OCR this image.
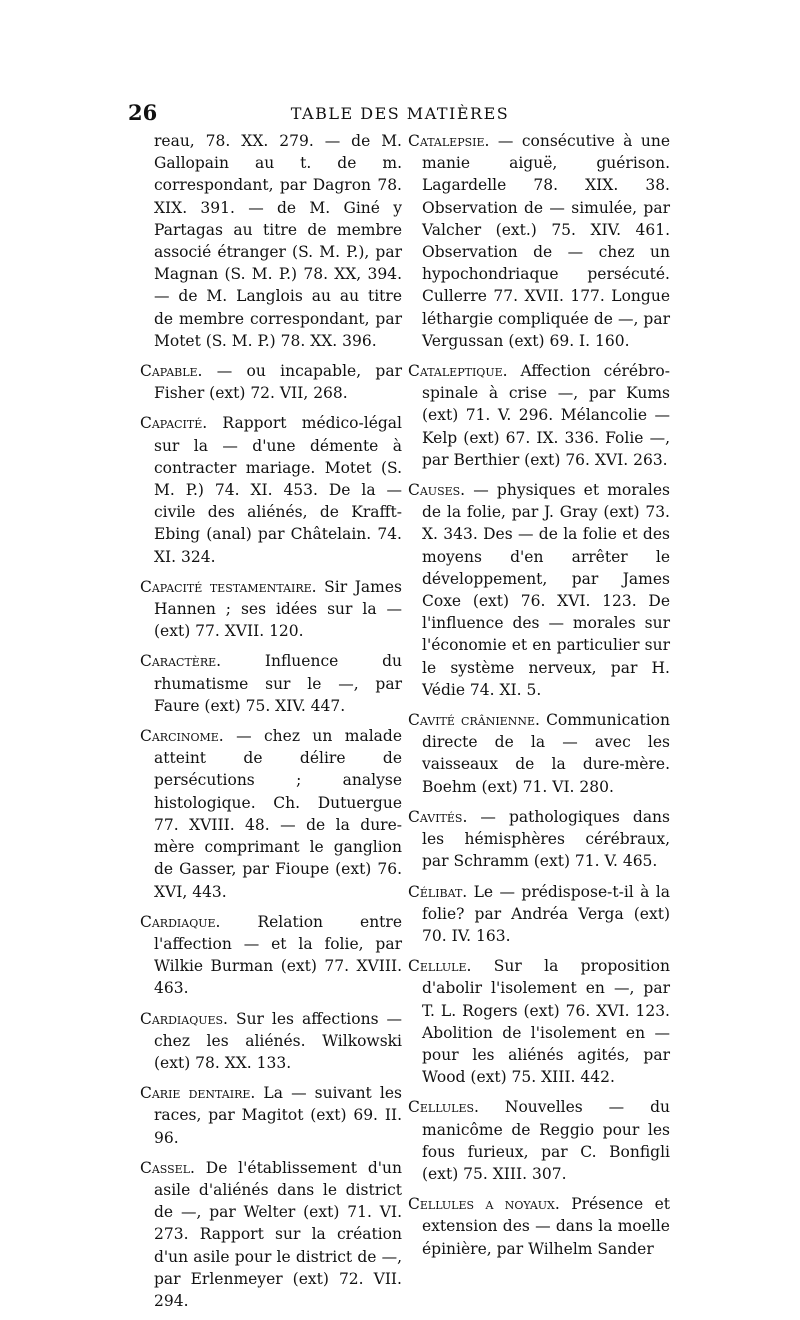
26	TABLE DES MATIÈRES

reau, 78. XX. 279. — de M. Gallopain au t. de m. correspondant, par Dagron 78. XIX. 391. — de M. Giné y Partagas au titre de membre associé étranger (S. M. P.), par Magnan (S. M. P.) 78. XX, 394. — de M. Langlois au au titre de membre correspondant, par Motet (S. M. P.) 78. XX. 396.

Capable. — ou incapable, par Fisher (ext) 72. VII, 268.

Capacité. Rapport médico-légal sur la — d'une démente à contracter mariage. Motet (S. M. P.) 74. XI. 453. De la — civile des aliénés, de Krafft-Ebing (anal) par Châtelain. 74. XI. 324.

Capacité testamentaire. Sir James Hannen ; ses idées sur la — (ext) 77. XVII. 120.

Caractère. Influence du rhumatisme sur le —, par Faure (ext) 75. XIV. 447.

Carcinome. — chez un malade atteint de délire de persécutions ; analyse histologique. Ch. Dutuergue 77. XVIII. 48. — de la dure-mère comprimant le ganglion de Gasser, par Fioupe (ext) 76. XVI, 443.

Cardiaque. Relation entre l'affection — et la folie, par Wilkie Burman (ext) 77. XVIII. 463.

Cardiaques. Sur les affections — chez les aliénés. Wilkowski (ext) 78. XX. 133.

Carie dentaire. La — suivant les races, par Magitot (ext) 69. II. 96.

Cassel. De l'établissement d'un asile d'aliénés dans le district de —, par Welter (ext) 71. VI. 273. Rapport sur la création d'un asile pour le district de —, par Erlenmeyer (ext) 72. VII. 294.

Catalepsie. — consécutive à une manie aiguë, guérison. Lagardelle 78. XIX. 38. Observation de — simulée, par Valcher (ext.) 75. XIV. 461. Observation de — chez un hypochondriaque persécuté. Cullerre 77. XVII. 177. Longue léthargie compliquée de —, par Vergussan (ext) 69. I. 160.

Cataleptique. Affection cérébro-spinale à crise —, par Kums (ext) 71. V. 296. Mélancolie — Kelp (ext) 67. IX. 336. Folie —, par Berthier (ext) 76. XVI. 263.

Causes. — physiques et morales de la folie, par J. Gray (ext) 73. X. 343. Des — de la folie et des moyens d'en arrêter le développement, par James Coxe (ext) 76. XVI. 123. De l'influence des — morales sur l'économie et en particulier sur le système nerveux, par H. Védie 74. XI. 5.

Cavité crânienne. Communication directe de la — avec les vaisseaux de la dure-mère. Boehm (ext) 71. VI. 280.

Cavités. — pathologiques dans les hémisphères cérébraux, par Schramm (ext) 71. V. 465.

Célibat. Le — prédispose-t-il à la folie? par Andréa Verga (ext) 70. IV. 163.

Cellule. Sur la proposition d'abolir l'isolement en —, par T. L. Rogers (ext) 76. XVI. 123. Abolition de l'isolement en — pour les aliénés agités, par Wood (ext) 75. XIII. 442.

Cellules. Nouvelles — du manicôme de Reggio pour les fous furieux, par C. Bonfigli (ext) 75. XIII. 307.

Cellules a noyaux. Présence et extension des — dans la moelle épinière, par Wilhelm Sander
